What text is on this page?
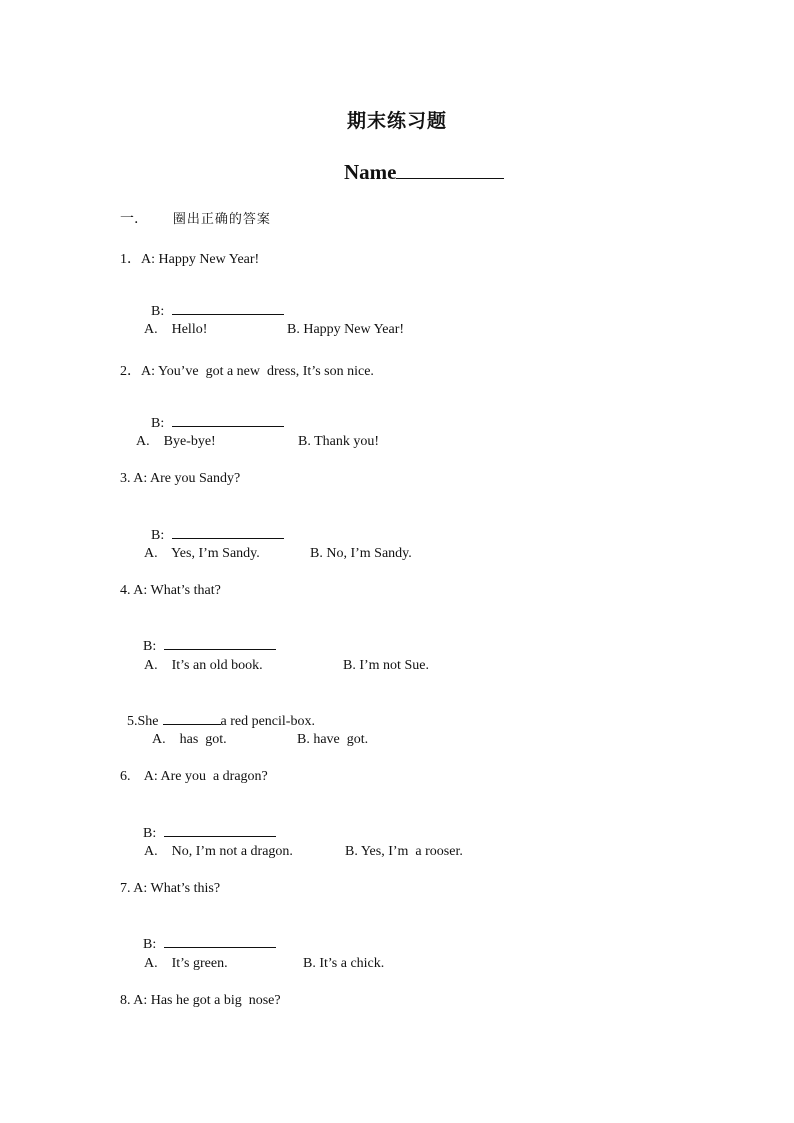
期末练习题
Name
一.	圈出正确的答案
1．A: Happy New Year!

B:

A.    Hello!	B. Happy New Year!
2．A: You’ve  got a new  dress, It’s son nice.

B:

A.    Bye-bye!	B. Thank you!
3. A: Are you Sandy?

B:

A.    Yes, I’m Sandy.	B. No, I’m Sandy.
4. A: What’s that?

B:

A.    It’s an old book.	B. I’m not Sue.

5.She	a red pencil-box.

A.    has  got.	B. have  got.
6.    A: Are you  a dragon?

B:

A.    No, I’m not a dragon.	B. Yes, I’m  a rooser.
7. A: What’s this?

B:

A.    It’s green.	B. It’s a chick.
8. A: Has he got a big  nose?
